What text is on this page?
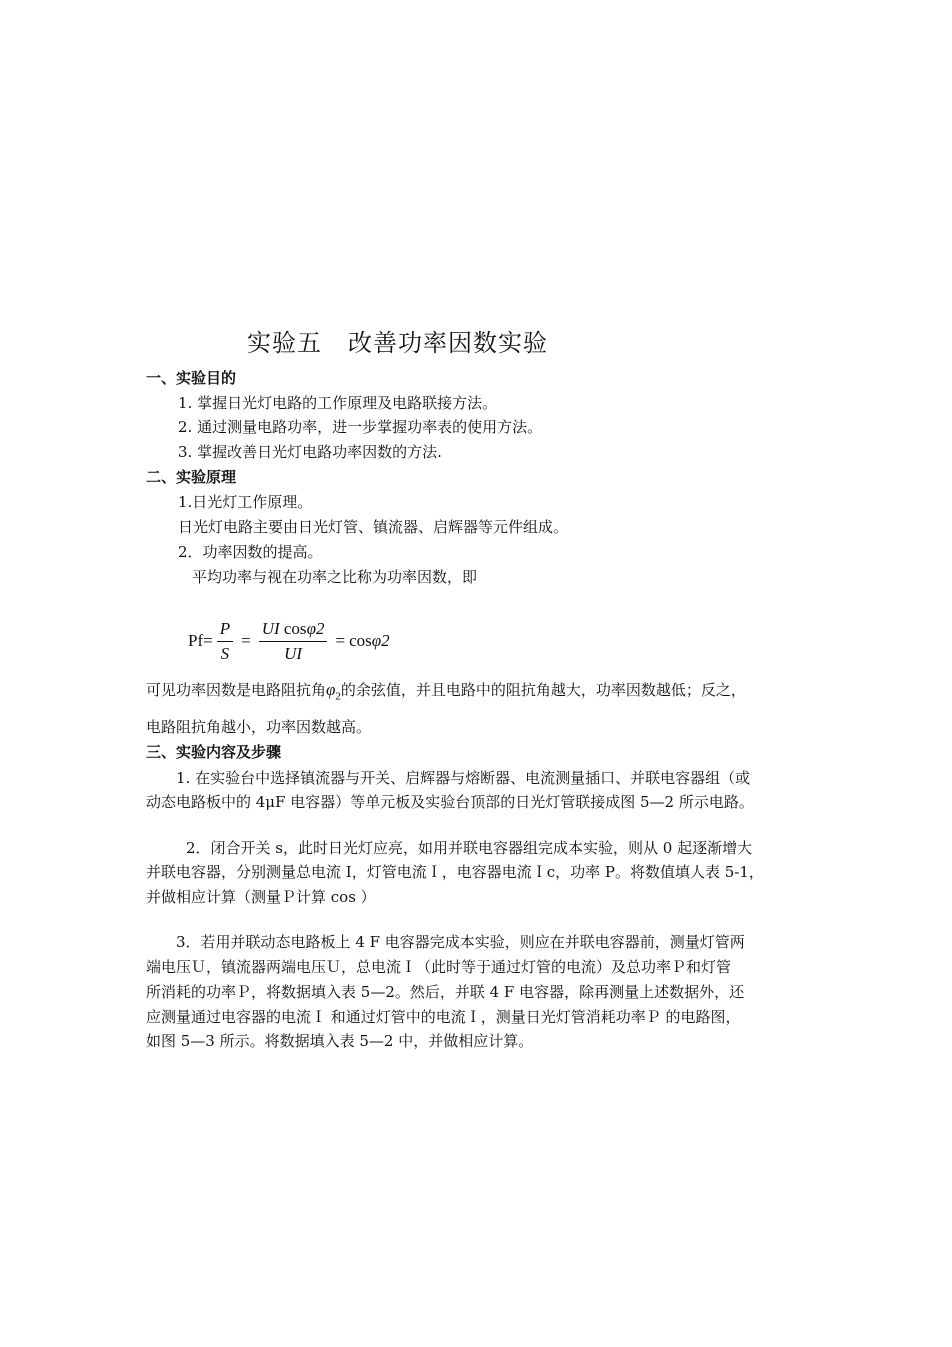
实验五 改善功率因数实验
一、实验目的
1. 掌握日光灯电路的工作原理及电路联接方法。
2. 通过测量电路功率，进一步掌握功率表的使用方法。
3. 掌握改善日光灯电路功率因数的方法.
二、实验原理
1.日光灯工作原理。
日光灯电路主要由日光灯管、镇流器、启辉器等元件组成。
2．功率因数的提高。
平均功率与视在功率之比称为功率因数，即
$Pf= \frac{P}{S} = \frac{\text{UI cosφ2}}{UI} = \cos \varphi 2$
可见功率因数是电路阻抗角$\varphi_2$的余弦值，并且电路中的阻抗角越大，功率因数越低；反之，
电路阻抗角越小，功率因数越高。
三、实验内容及步骤
1. 在实验台中选择镇流器与开关、启辉器与熔断器、电流测量插口、并联电容器组（或
动态电路板中的 4μF 电容器）等单元板及实验台顶部的日光灯管联接成图 5—2 所示电路。
2．闭合开关 s，此时日光灯应亮，如用并联电容器组完成本实验，则从 0 起逐渐增大
并联电容器，分别测量总电流 I，灯管电流Ｉ，电容器电流Ｉc，功率 P。将数值填人表 5-1，
并做相应计算（测量Ｐ计算 cos ）
3．若用并联动态电路板上 4 F 电容器完成本实验，则应在并联电容器前，测量灯管两
端电压Ｕ，镇流器两端电压Ｕ，总电流Ｉ（此时等于通过灯管的电流）及总功率Ｐ和灯管
所消耗的功率Ｐ，将数据填入表 5—2。然后，并联 4 F 电容器，除再测量上述数据外，还
应测量通过电容器的电流Ｉ 和通过灯管中的电流Ｉ，测量日光灯管消耗功率Ｐ 的电路图，
如图 5—3 所示。将数据填入表 5—2 中，并做相应计算。
